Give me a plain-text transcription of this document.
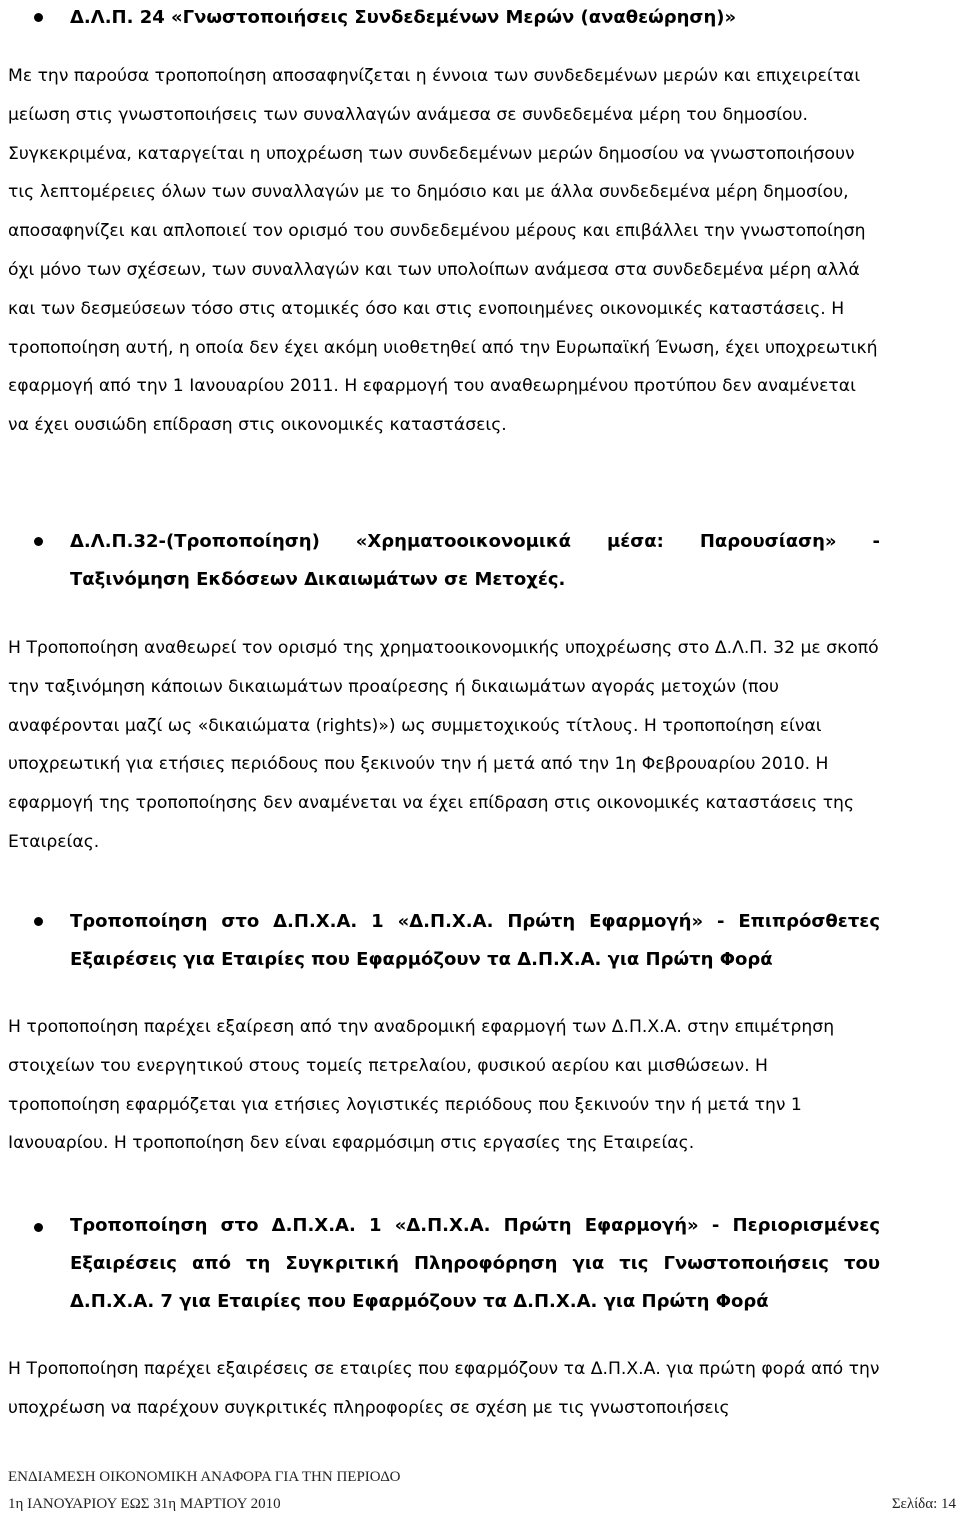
Δ.Λ.Π. 24 «Γνωστοποιήσεις Συνδεδεμένων Μερών (αναθεώρηση)»
Με την παρούσα τροποποίηση αποσαφηνίζεται η έννοια των συνδεδεμένων μερών και επιχειρείται μείωση στις γνωστοποιήσεις των συναλλαγών ανάμεσα σε συνδεδεμένα μέρη του δημοσίου. Συγκεκριμένα, καταργείται η υποχρέωση των συνδεδεμένων μερών δημοσίου να γνωστοποιήσουν τις λεπτομέρειες όλων των συναλλαγών με το δημόσιο και με άλλα συνδεδεμένα μέρη δημοσίου, αποσαφηνίζει και απλοποιεί τον ορισμό του συνδεδεμένου μέρους και επιβάλλει την γνωστοποίηση όχι μόνο των σχέσεων, των συναλλαγών και των υπολοίπων ανάμεσα στα συνδεδεμένα μέρη αλλά και των δεσμεύσεων τόσο στις ατομικές όσο και στις ενοποιημένες οικονομικές καταστάσεις. Η τροποποίηση αυτή, η οποία δεν έχει ακόμη υιοθετηθεί από την Ευρωπαϊκή Ένωση, έχει υποχρεωτική εφαρμογή από την 1 Ιανουαρίου 2011. Η εφαρμογή του αναθεωρημένου προτύπου δεν αναμένεται να έχει ουσιώδη επίδραση στις οικονομικές καταστάσεις.
Δ.Λ.Π.32-(Τροποποίηση) «Χρηματοοικονομικά μέσα: Παρουσίαση» - Ταξινόμηση Εκδόσεων Δικαιωμάτων σε Μετοχές.
Η Τροποποίηση αναθεωρεί τον ορισμό της χρηματοοικονομικής υποχρέωσης στο Δ.Λ.Π. 32 με σκοπό την ταξινόμηση κάποιων δικαιωμάτων προαίρεσης ή δικαιωμάτων αγοράς μετοχών (που αναφέρονται μαζί ως «δικαιώματα (rights)») ως συμμετοχικούς τίτλους. Η τροποποίηση είναι υποχρεωτική για ετήσιες περιόδους που ξεκινούν την ή μετά από την 1η Φεβρουαρίου 2010. Η εφαρμογή της τροποποίησης δεν αναμένεται να έχει επίδραση στις οικονομικές καταστάσεις της Εταιρείας.
Τροποποίηση στο Δ.Π.Χ.Α. 1 «Δ.Π.Χ.Α. Πρώτη Εφαρμογή» - Επιπρόσθετες Εξαιρέσεις για Εταιρίες που Εφαρμόζουν τα Δ.Π.Χ.Α. για Πρώτη Φορά
Η τροποποίηση παρέχει εξαίρεση από την αναδρομική εφαρμογή των Δ.Π.Χ.Α. στην επιμέτρηση στοιχείων του ενεργητικού στους τομείς πετρελαίου, φυσικού αερίου και μισθώσεων. Η τροποποίηση εφαρμόζεται για ετήσιες λογιστικές περιόδους που ξεκινούν την ή μετά την 1 Ιανουαρίου. Η τροποποίηση δεν είναι εφαρμόσιμη στις εργασίες της Εταιρείας.
Τροποποίηση στο Δ.Π.Χ.Α. 1 «Δ.Π.Χ.Α. Πρώτη Εφαρμογή» - Περιορισμένες Εξαιρέσεις από τη Συγκριτική Πληροφόρηση για τις Γνωστοποιήσεις του Δ.Π.Χ.Α. 7 για Εταιρίες που Εφαρμόζουν τα Δ.Π.Χ.Α. για Πρώτη Φορά
Η Τροποποίηση παρέχει εξαιρέσεις σε εταιρίες που εφαρμόζουν τα Δ.Π.Χ.Α. για πρώτη φορά από την υποχρέωση να παρέχουν συγκριτικές πληροφορίες σε σχέση με τις γνωστοποιήσεις
ΕΝΔΙΑΜΕΣΗ ΟΙΚΟΝΟΜΙΚΗ ΑΝΑΦΟΡΑ ΓΙΑ ΤΗΝ ΠΕΡΙΟΔΟ
1η ΙΑΝΟΥΑΡΙΟΥ ΕΩΣ 31η ΜΑΡΤΙΟΥ 2010	Σελίδα: 14
